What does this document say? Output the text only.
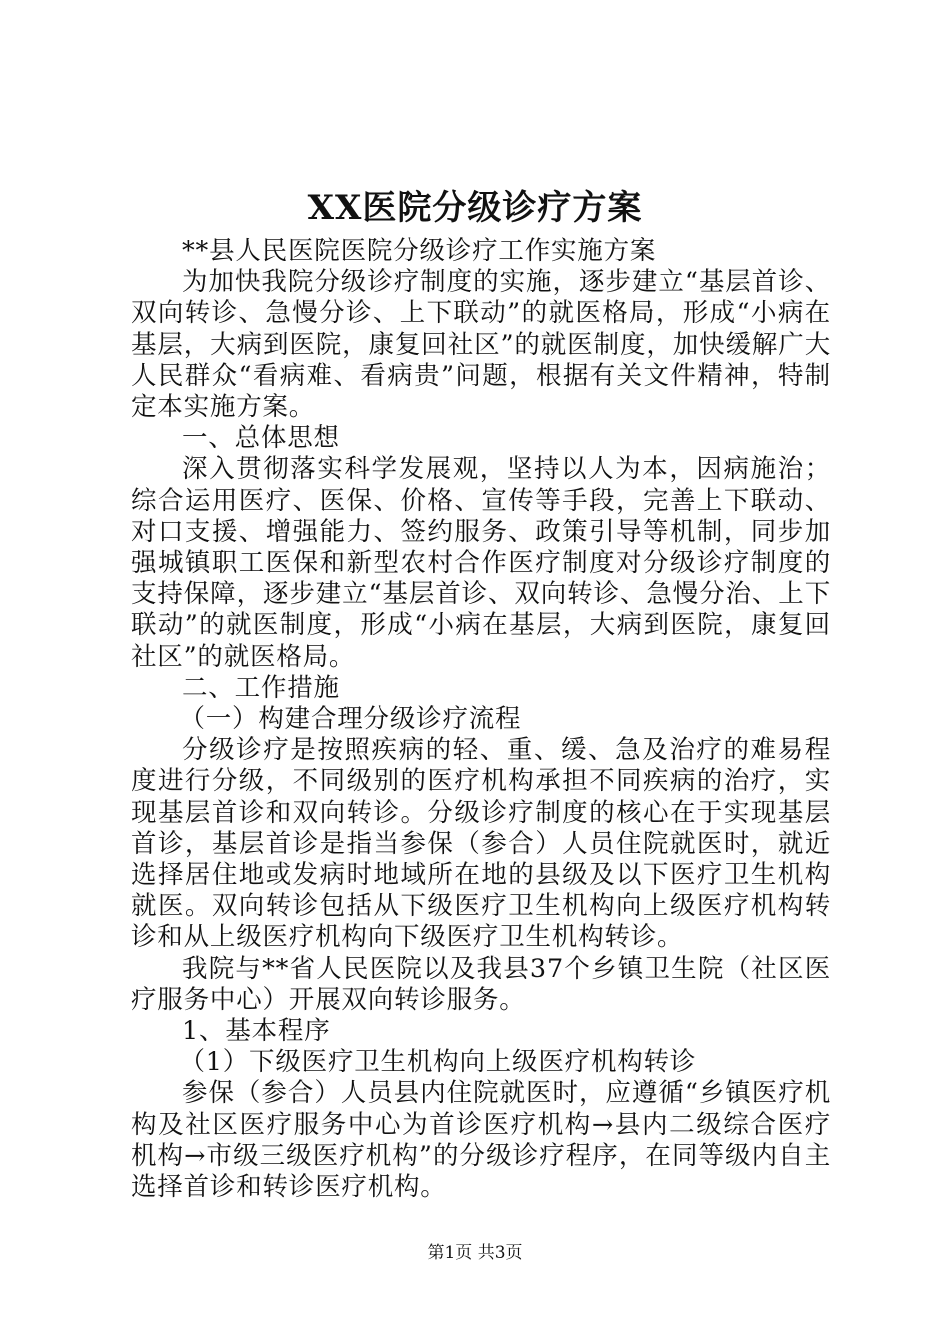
XX医院分级诊疗方案

**县人民医院医院分级诊疗工作实施方案

为加快我院分级诊疗制度的实施，逐步建立“基层首诊、双向转诊、急慢分诊、上下联动”的就医格局，形成“小病在基层，大病到医院，康复回社区”的就医制度，加快缓解广大人民群众“看病难、看病贵”问题，根据有关文件精神，特制定本实施方案。

一、总体思想

深入贯彻落实科学发展观，坚持以人为本，因病施治；综合运用医疗、医保、价格、宣传等手段，完善上下联动、对口支援、增强能力、签约服务、政策引导等机制，同步加强城镇职工医保和新型农村合作医疗制度对分级诊疗制度的支持保障，逐步建立“基层首诊、双向转诊、急慢分治、上下联动”的就医制度，形成“小病在基层，大病到医院，康复回社区”的就医格局。

二、工作措施

（一）构建合理分级诊疗流程

分级诊疗是按照疾病的轻、重、缓、急及治疗的难易程度进行分级，不同级别的医疗机构承担不同疾病的治疗，实现基层首诊和双向转诊。分级诊疗制度的核心在于实现基层首诊，基层首诊是指当参保（参合）人员住院就医时，就近选择居住地或发病时地域所在地的县级及以下医疗卫生机构就医。双向转诊包括从下级医疗卫生机构向上级医疗机构转诊和从上级医疗机构向下级医疗卫生机构转诊。

我院与**省人民医院以及我县37个乡镇卫生院（社区医疗服务中心）开展双向转诊服务。

1、基本程序

（1）下级医疗卫生机构向上级医疗机构转诊

参保（参合）人员县内住院就医时，应遵循“乡镇医疗机构及社区医疗服务中心为首诊医疗机构→县内二级综合医疗机构→市级三级医疗机构”的分级诊疗程序，在同等级内自主选择首诊和转诊医疗机构。

第1页 共3页
